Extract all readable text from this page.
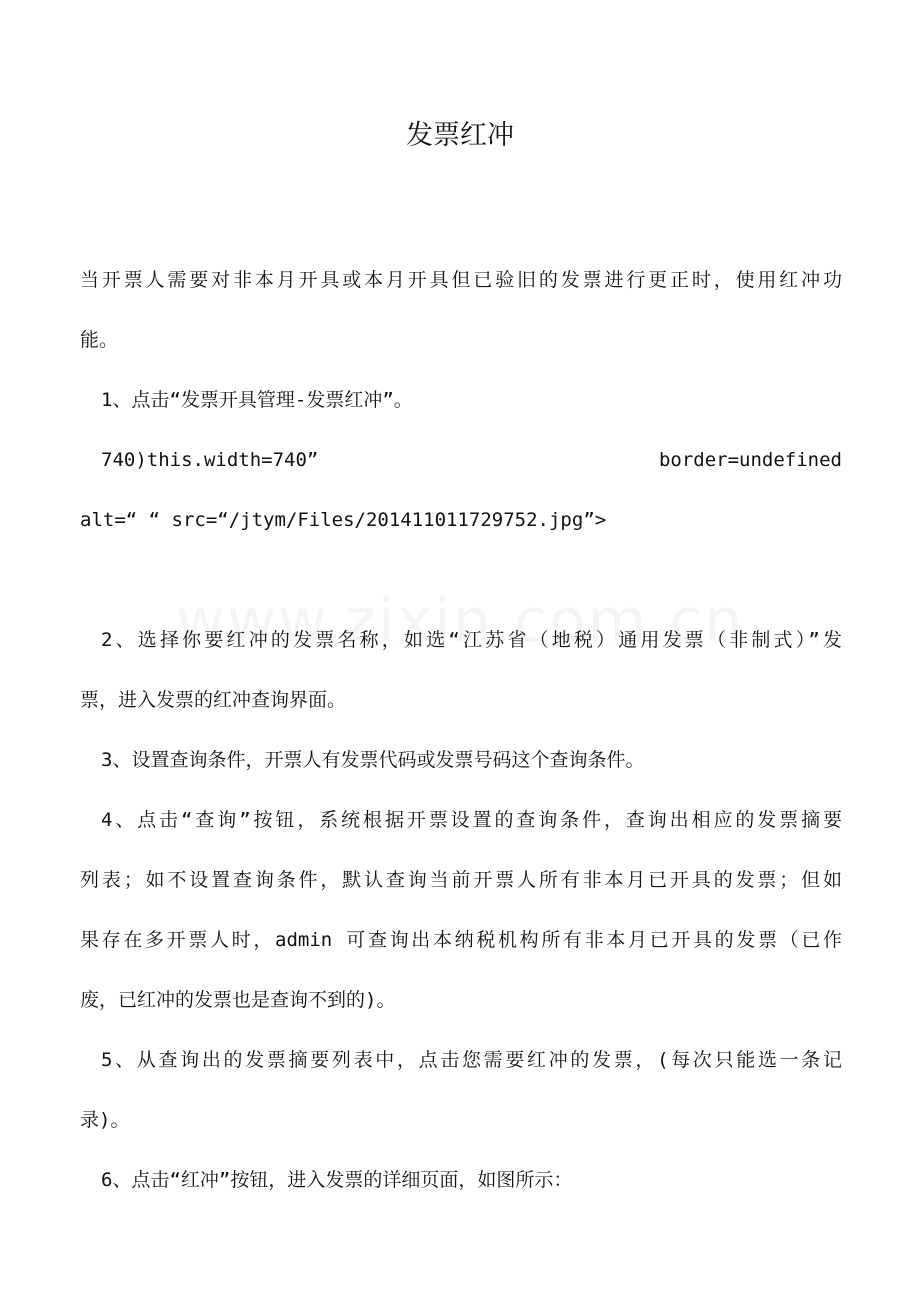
发票红冲

当开票人需要对非本月开具或本月开具但已验旧的发票进行更正时，使用红冲功

能。

1、点击“发票开具管理-发票红冲”。

740)this.width=740”	border=undefined

alt=“ “ src=“/jtym/Files/201411011729752.jpg”>

2、选择你要红冲的发票名称，如选“江苏省（地税）通用发票（非制式）”发

票，进入发票的红冲查询界面。

3、设置查询条件，开票人有发票代码或发票号码这个查询条件。

4、点击“查询”按钮，系统根据开票设置的查询条件，查询出相应的发票摘要

列表；如不设置查询条件，默认查询当前开票人所有非本月已开具的发票；但如

果存在多开票人时，admin 可查询出本纳税机构所有非本月已开具的发票（已作

废，已红冲的发票也是查询不到的)。

5、从查询出的发票摘要列表中，点击您需要红冲的发票，(每次只能选一条记

录)。

6、点击“红冲”按钮，进入发票的详细页面，如图所示：
